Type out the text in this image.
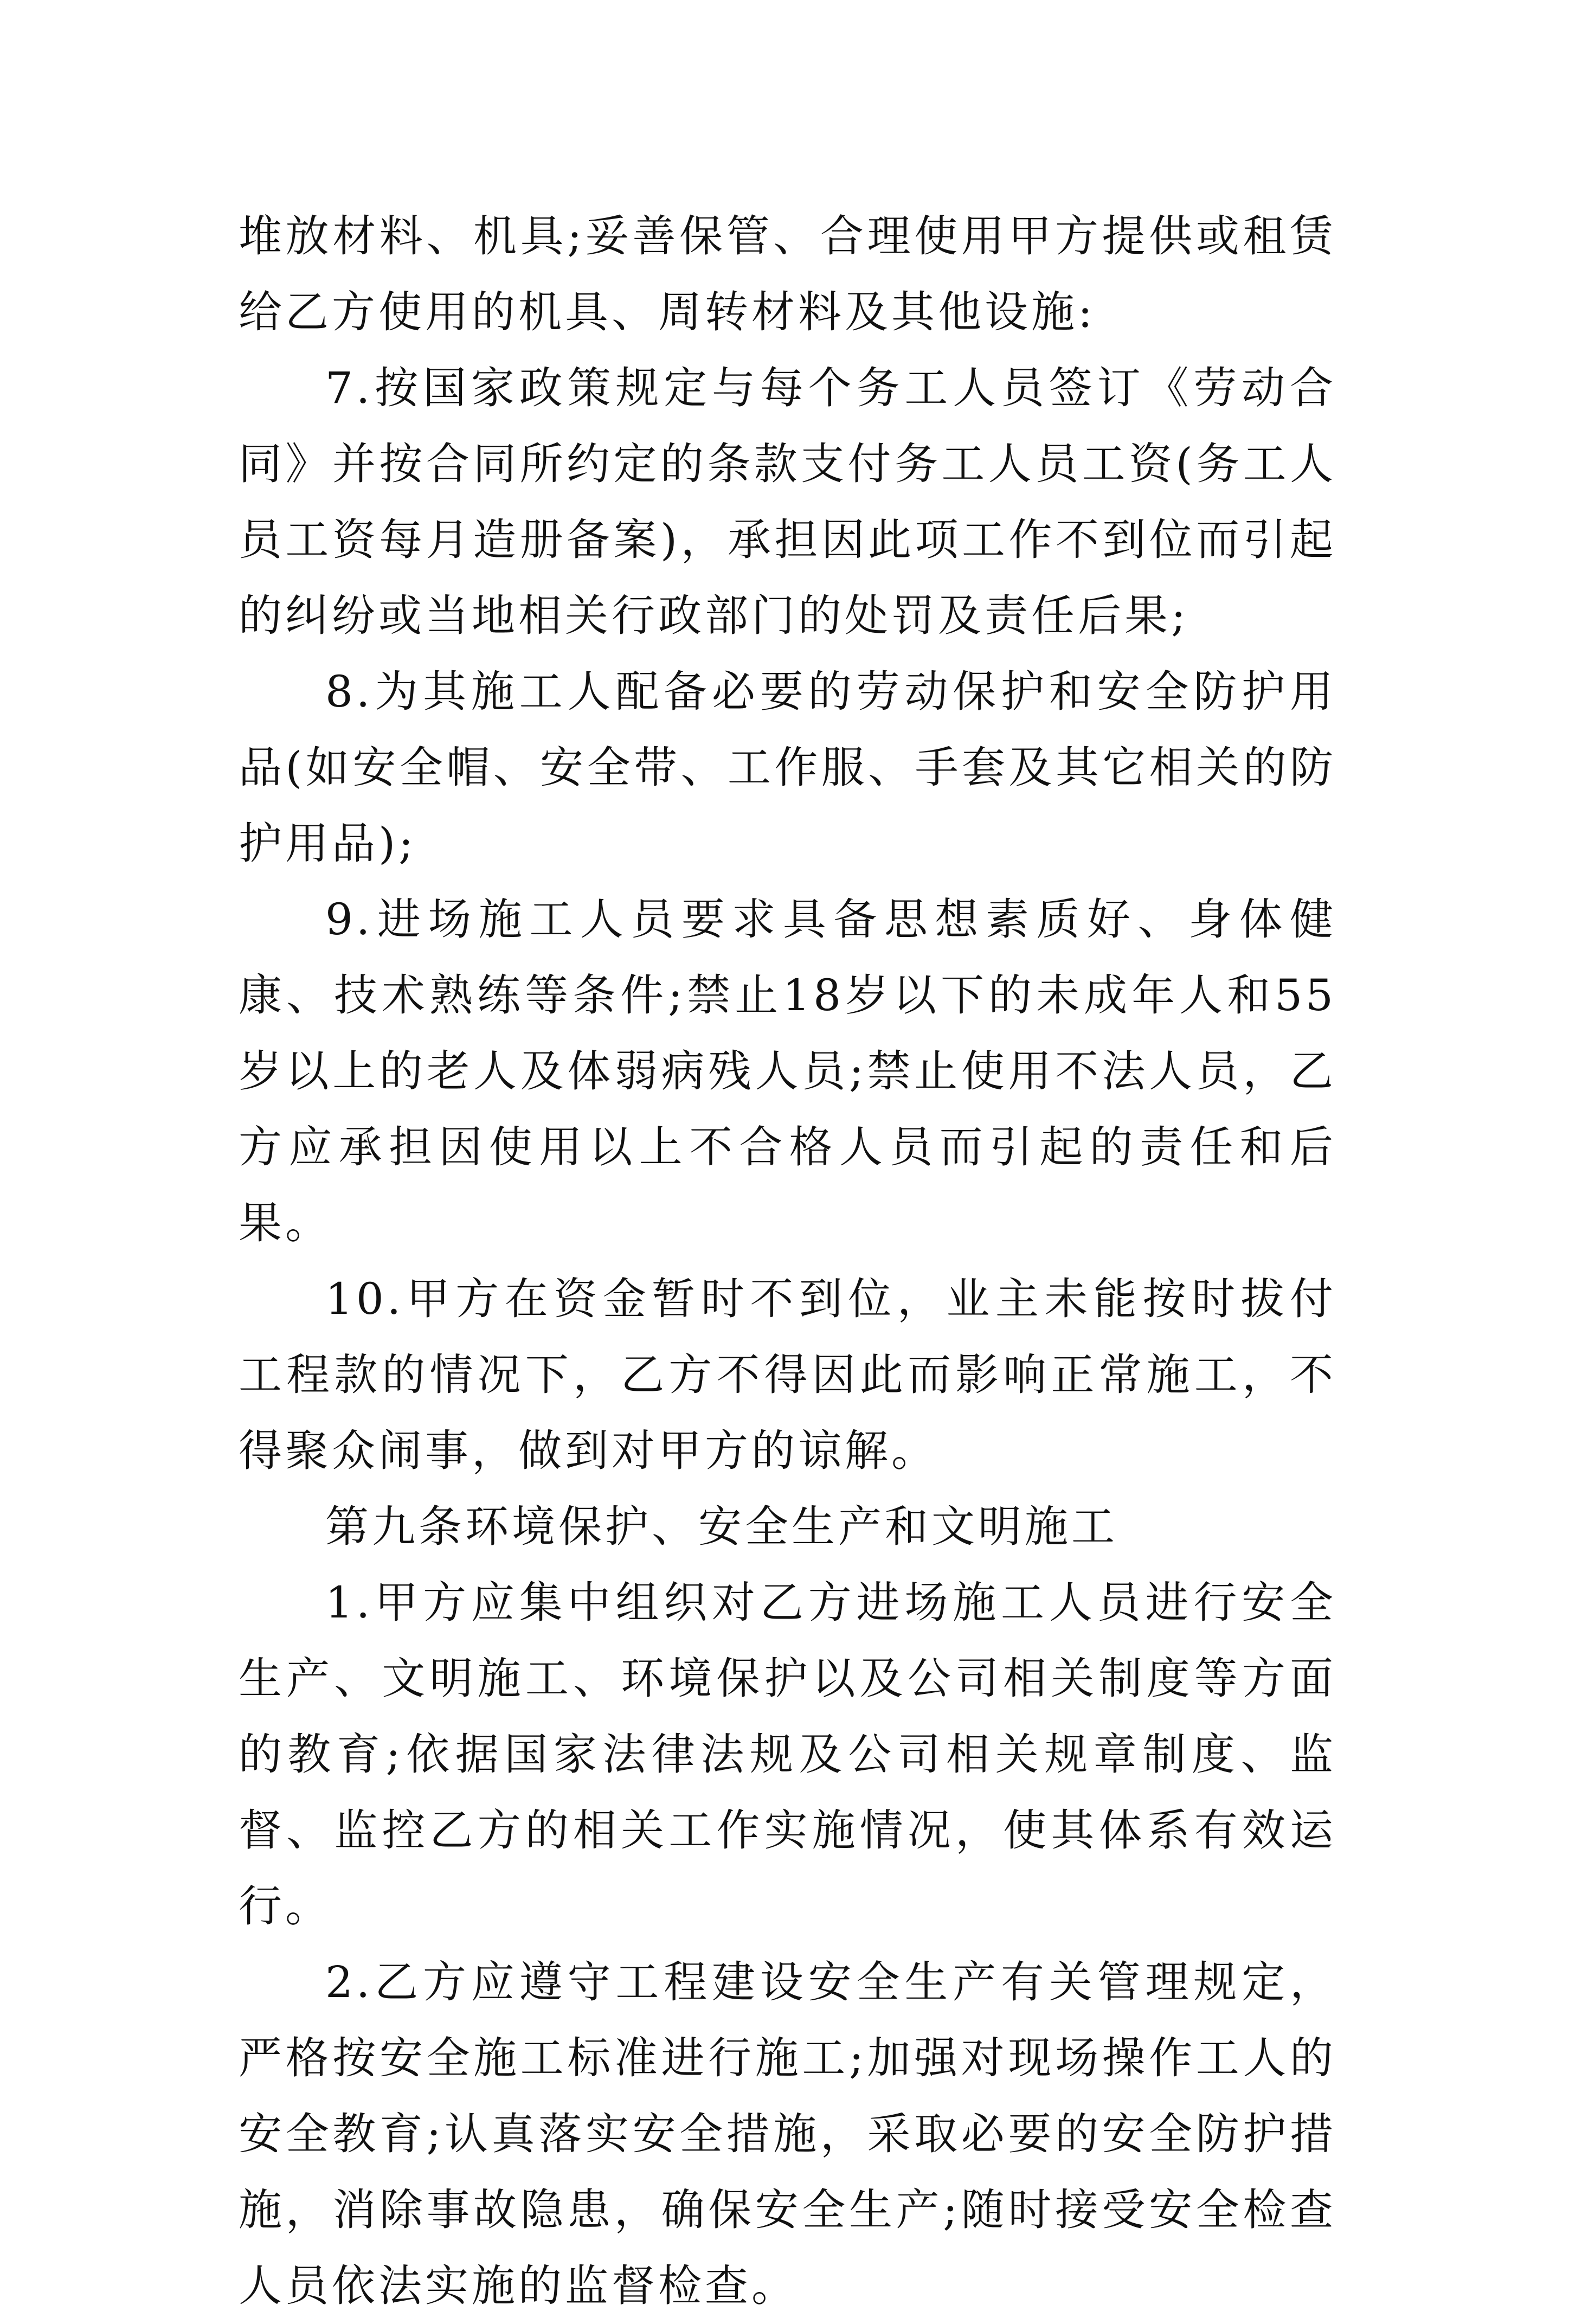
堆放材料、机具;妥善保管、合理使用甲方提供或租赁给乙方使用的机具、周转材料及其他设施:

7.按国家政策规定与每个务工人员签订《劳动合同》并按合同所约定的条款支付务工人员工资(务工人员工资每月造册备案)，承担因此项工作不到位而引起的纠纷或当地相关行政部门的处罚及责任后果;

8.为其施工人配备必要的劳动保护和安全防护用品(如安全帽、安全带、工作服、手套及其它相关的防护用品);

9.进场施工人员要求具备思想素质好、身体健康、技术熟练等条件;禁止18岁以下的未成年人和55岁以上的老人及体弱病残人员;禁止使用不法人员，乙方应承担因使用以上不合格人员而引起的责任和后果。

10.甲方在资金暂时不到位，业主未能按时拔付工程款的情况下，乙方不得因此而影响正常施工，不得聚众闹事，做到对甲方的谅解。

第九条环境保护、安全生产和文明施工

1.甲方应集中组织对乙方进场施工人员进行安全生产、文明施工、环境保护以及公司相关制度等方面的教育;依据国家法律法规及公司相关规章制度、监督、监控乙方的相关工作实施情况，使其体系有效运行。

2.乙方应遵守工程建设安全生产有关管理规定，严格按安全施工标准进行施工;加强对现场操作工人的安全教育;认真落实安全措施，采取必要的安全防护措施，消除事故隐患，确保安全生产;随时接受安全检查人员依法实施的监督检查。
